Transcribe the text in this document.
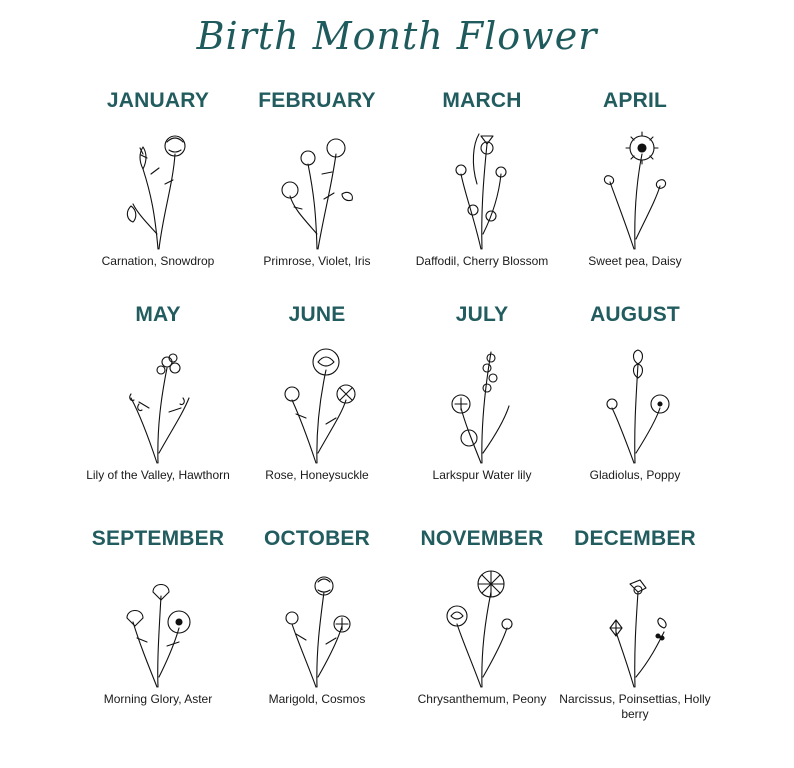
Birth Month Flower
JANUARY
Carnation, Snowdrop
FEBRUARY
Primrose, Violet, Iris
MARCH
Daffodil, Cherry Blossom
APRIL
Sweet pea, Daisy
MAY
Lily of the Valley, Hawthorn
JUNE
Rose, Honeysuckle
JULY
Larkspur Water lily
AUGUST
Gladiolus, Poppy
SEPTEMBER
Morning Glory, Aster
OCTOBER
Marigold, Cosmos
NOVEMBER
Chrysanthemum, Peony
DECEMBER
Narcissus, Poinsettias, Holly berry
